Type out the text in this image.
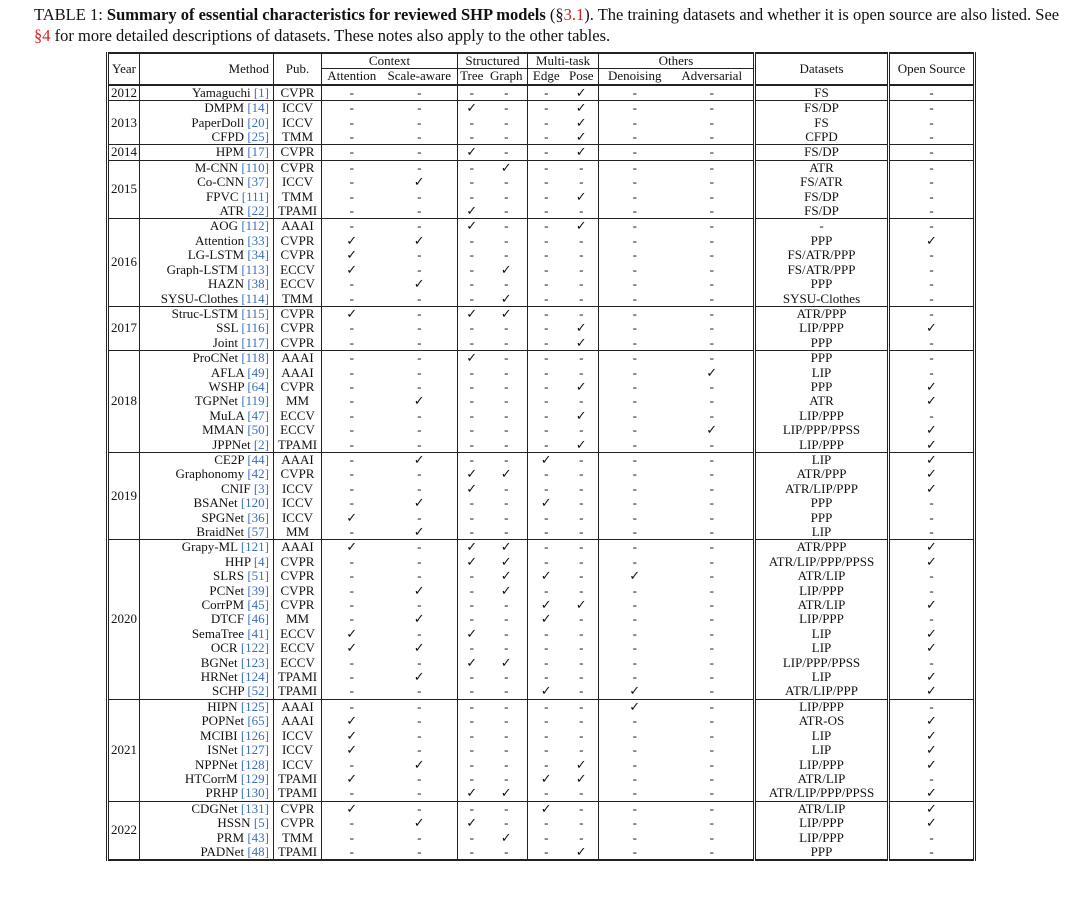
TABLE 1: Summary of essential characteristics for reviewed SHP models (§3.1). The training datasets and whether it is open source are also listed. See §4 for more detailed descriptions of datasets. These notes also apply to the other tables.
Year	Method	Pub.	Context		Structured		Multi-task		Others		Datasets	Open Source
			Attention	Scale-aware	Tree	Graph	Edge	Pose	Denoising	Adversarial		
2012	Yamaguchi [1]	CVPR	-	-	-	-	-	✓	-	-	FS	-
2013	DMPM [14]	ICCV	-	-	✓	-	-	✓	-	-	FS/DP	-
	PaperDoll [20]	ICCV	-	-	-	-	-	✓	-	-	FS	-
	CFPD [25]	TMM	-	-	-	-	-	✓	-	-	CFPD	-
2014	HPM [17]	CVPR	-	-	✓	-	-	✓	-	-	FS/DP	-
2015	M-CNN [110]	CVPR	-	-	-	✓	-	-	-	-	ATR	-
	Co-CNN [37]	ICCV	-	✓	-	-	-	-	-	-	FS/ATR	-
	FPVC [111]	TMM	-	-	-	-	-	✓	-	-	FS/DP	-
	ATR [22]	TPAMI	-	-	✓	-	-	-	-	-	FS/DP	-
2016	AOG [112]	AAAI	-	-	✓	-	-	✓	-	-	-	-
	Attention [33]	CVPR	✓	✓	-	-	-	-	-	-	PPP	✓
	LG-LSTM [34]	CVPR	✓	-	-	-	-	-	-	-	FS/ATR/PPP	-
	Graph-LSTM [113]	ECCV	✓	-	-	✓	-	-	-	-	FS/ATR/PPP	-
	HAZN [38]	ECCV	-	✓	-	-	-	-	-	-	PPP	-
	SYSU-Clothes [114]	TMM	-	-	-	✓	-	-	-	-	SYSU-Clothes	-
2017	Struc-LSTM [115]	CVPR	✓	-	✓	✓	-	-	-	-	ATR/PPP	-
	SSL [116]	CVPR	-	-	-	-	-	✓	-	-	LIP/PPP	✓
	Joint [117]	CVPR	-	-	-	-	-	✓	-	-	PPP	-
2018	ProCNet [118]	AAAI	-	-	✓	-	-	-	-	-	PPP	-
	AFLA [49]	AAAI	-	-	-	-	-	-	-	✓	LIP	-
	WSHP [64]	CVPR	-	-	-	-	-	✓	-	-	PPP	✓
	TGPNet [119]	MM	-	✓	-	-	-	-	-	-	ATR	✓
	MuLA [47]	ECCV	-	-	-	-	-	✓	-	-	LIP/PPP	-
	MMAN [50]	ECCV	-	-	-	-	-	-	-	✓	LIP/PPP/PPSS	✓
	JPPNet [2]	TPAMI	-	-	-	-	-	✓	-	-	LIP/PPP	✓
2019	CE2P [44]	AAAI	-	✓	-	-	✓	-	-	-	LIP	✓
	Graphonomy [42]	CVPR	-	-	✓	✓	-	-	-	-	ATR/PPP	✓
	CNIF [3]	ICCV	-	-	✓	-	-	-	-	-	ATR/LIP/PPP	✓
	BSANet [120]	ICCV	-	✓	-	-	✓	-	-	-	PPP	-
	SPGNet [36]	ICCV	✓	-	-	-	-	-	-	-	PPP	-
	BraidNet [57]	MM	-	✓	-	-	-	-	-	-	LIP	-
2020	Grapy-ML [121]	AAAI	✓	-	✓	✓	-	-	-	-	ATR/PPP	✓
	HHP [4]	CVPR	-	-	✓	✓	-	-	-	-	ATR/LIP/PPP/PPSS	✓
	SLRS [51]	CVPR	-	-	-	✓	✓	-	✓	-	ATR/LIP	-
	PCNet [39]	CVPR	-	✓	-	✓	-	-	-	-	LIP/PPP	-
	CorrPM [45]	CVPR	-	-	-	-	✓	✓	-	-	ATR/LIP	✓
	DTCF [46]	MM	-	✓	-	-	✓	-	-	-	LIP/PPP	-
	SemaTree [41]	ECCV	✓	-	✓	-	-	-	-	-	LIP	✓
	OCR [122]	ECCV	✓	✓	-	-	-	-	-	-	LIP	✓
	BGNet [123]	ECCV	-	-	✓	✓	-	-	-	-	LIP/PPP/PPSS	-
	HRNet [124]	TPAMI	-	✓	-	-	-	-	-	-	LIP	✓
	SCHP [52]	TPAMI	-	-	-	-	✓	-	✓	-	ATR/LIP/PPP	✓
2021	HIPN [125]	AAAI	-	-	-	-	-	-	✓	-	LIP/PPP	-
	POPNet [65]	AAAI	✓	-	-	-	-	-	-	-	ATR-OS	✓
	MCIBI [126]	ICCV	✓	-	-	-	-	-	-	-	LIP	✓
	ISNet [127]	ICCV	✓	-	-	-	-	-	-	-	LIP	✓
	NPPNet [128]	ICCV	-	✓	-	-	-	✓	-	-	LIP/PPP	✓
	HTCorrM [129]	TPAMI	✓	-	-	-	✓	✓	-	-	ATR/LIP	-
	PRHP [130]	TPAMI	-	-	✓	✓	-	-	-	-	ATR/LIP/PPP/PPSS	✓
2022	CDGNet [131]	CVPR	✓	-	-	-	✓	-	-	-	ATR/LIP	✓
	HSSN [5]	CVPR	-	✓	✓	-	-	-	-	-	LIP/PPP	✓
	PRM [43]	TMM	-	-	-	✓	-	-	-	-	LIP/PPP	-
	PADNet [48]	TPAMI	-	-	-	-	-	✓	-	-	PPP	-
